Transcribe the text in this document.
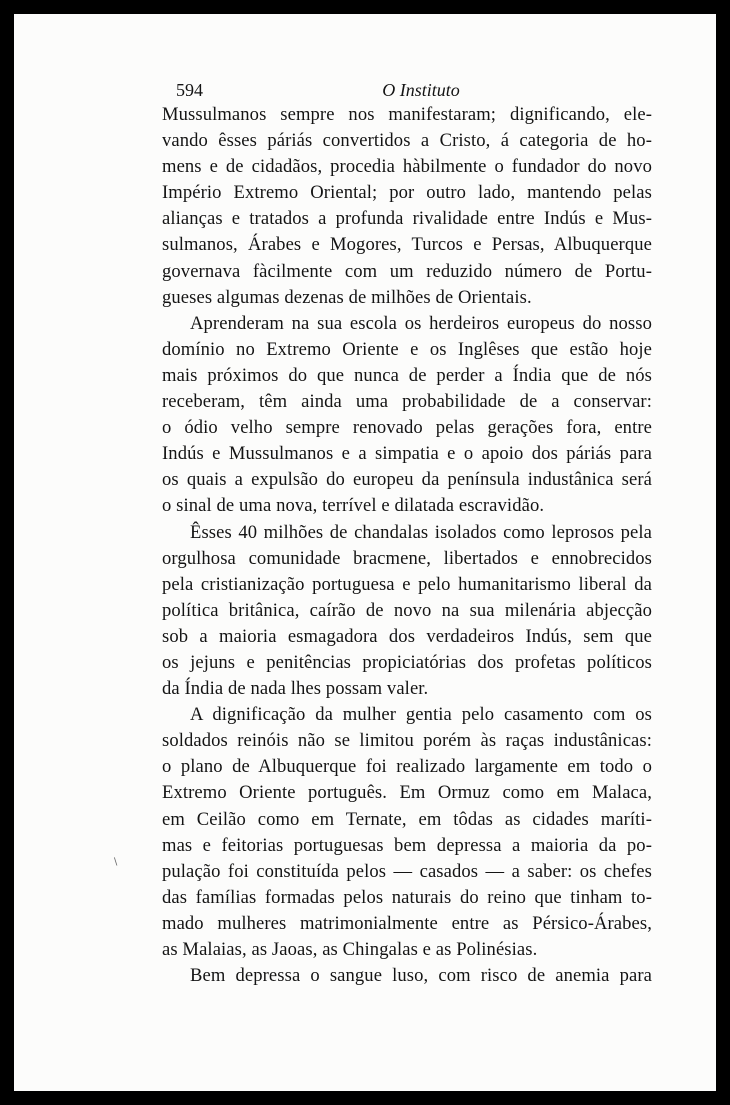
594	O Instituto
Mussulmanos sempre nos manifestaram; dignificando, ele-
vando êsses páriás convertidos a Cristo, á categoria de ho-
mens e de cidadãos, procedia hàbilmente o fundador do novo
Império Extremo Oriental; por outro lado, mantendo pelas
alianças e tratados a profunda rivalidade entre Indús e Mus-
sulmanos, Árabes e Mogores, Turcos e Persas, Albuquerque
governava fàcilmente com um reduzido número de Portu-
gueses algumas dezenas de milhões de Orientais.
Aprenderam na sua escola os herdeiros europeus do nosso
domínio no Extremo Oriente e os Inglêses que estão hoje
mais próximos do que nunca de perder a Índia que de nós
receberam, têm ainda uma probabilidade de a conservar:
o ódio velho sempre renovado pelas gerações fora, entre
Indús e Mussulmanos e a simpatia e o apoio dos páriás para
os quais a expulsão do europeu da península industânica será
o sinal de uma nova, terrível e dilatada escravidão.
Êsses 40 milhões de chandalas isolados como leprosos pela
orgulhosa comunidade bracmene, libertados e ennobrecidos
pela cristianização portuguesa e pelo humanitarismo liberal da
política britânica, caírão de novo na sua milenária abjecção
sob a maioria esmagadora dos verdadeiros Indús, sem que
os jejuns e penitências propiciatórias dos profetas políticos
da Índia de nada lhes possam valer.
A dignificação da mulher gentia pelo casamento com os
soldados reinóis não se limitou porém às raças industânicas:
o plano de Albuquerque foi realizado largamente em todo o
Extremo Oriente português. Em Ormuz como em Malaca,
em Ceilão como em Ternate, em tôdas as cidades maríti-
mas e feitorias portuguesas bem depressa a maioria da po-
pulação foi constituída pelos — casados — a saber: os chefes
das famílias formadas pelos naturais do reino que tinham to-
mado mulheres matrimonialmente entre as Pérsico-Árabes,
as Malaias, as Jaoas, as Chingalas e as Polinésias.
Bem depressa o sangue luso, com risco de anemia para
∖
